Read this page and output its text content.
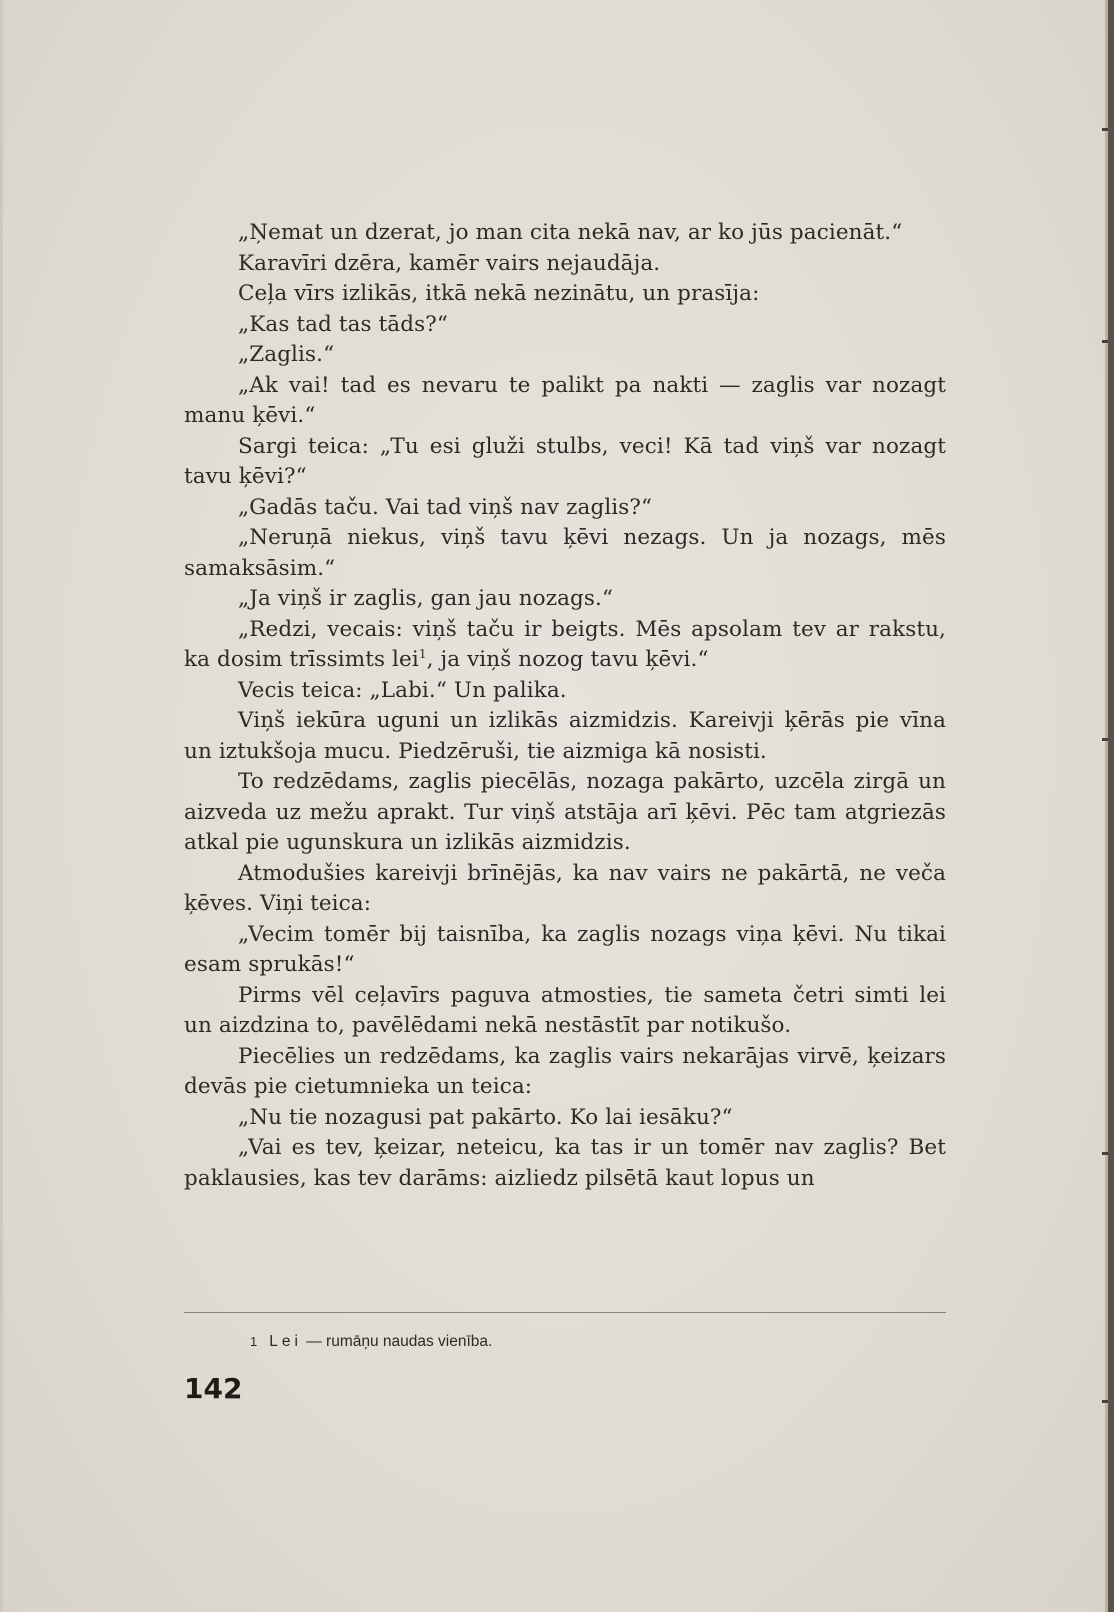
„Ņemat un dzerat, jo man cita nekā nav, ar ko jūs pacienāt.“

Karavīri dzēra, kamēr vairs nejaudāja.

Ceļa vīrs izlikās, itkā nekā nezinātu, un prasīja:

„Kas tad tas tāds?“

„Zaglis.“

„Ak vai! tad es nevaru te palikt pa nakti — zaglis var nozagt manu ķēvi.“

Sargi teica: „Tu esi gluži stulbs, veci! Kā tad viņš var nozagt tavu ķēvi?“

„Gadās taču. Vai tad viņš nav zaglis?“

„Neruņā niekus, viņš tavu ķēvi nezags. Un ja nozags, mēs samaksāsim.“

„Ja viņš ir zaglis, gan jau nozags.“

„Redzi, vecais: viņš taču ir beigts. Mēs apsolam tev ar rakstu, ka dosim trīssimts lei$^1$, ja viņš nozog tavu ķēvi.“

Vecis teica: „Labi.“ Un palika.

Viņš iekūra uguni un izlikās aizmidzis. Kareivji ķērās pie vīna un iztukšoja mucu. Piedzēruši, tie aizmiga kā nosisti.

To redzēdams, zaglis piecēlās, nozaga pakārto, uzcēla zirgā un aizveda uz mežu aprakt. Tur viņš atstāja arī ķēvi. Pēc tam atgriezās atkal pie ugunskura un izlikās aizmidzis.

Atmodušies kareivji brīnējās, ka nav vairs ne pakārtā, ne veča ķēves. Viņi teica:

„Vecim tomēr bij taisnība, ka zaglis nozags viņa ķēvi. Nu tikai esam sprukās!“

Pirms vēl ceļavīrs paguva atmosties, tie sameta četri simti lei un aizdzina to, pavēlēdami nekā nestāstīt par notikušo.

Piecēlies un redzēdams, ka zaglis vairs nekarājas virvē, ķeizars devās pie cietumnieka un teica:

„Nu tie nozagusi pat pakārto. Ko lai iesāku?“

„Vai es tev, ķeizar, neteicu, ka tas ir un tomēr nav zaglis? Bet paklausies, kas tev darāms: aizliedz pilsētā kaut lopus un

1 Lei — rumāņu naudas vienība.
142
